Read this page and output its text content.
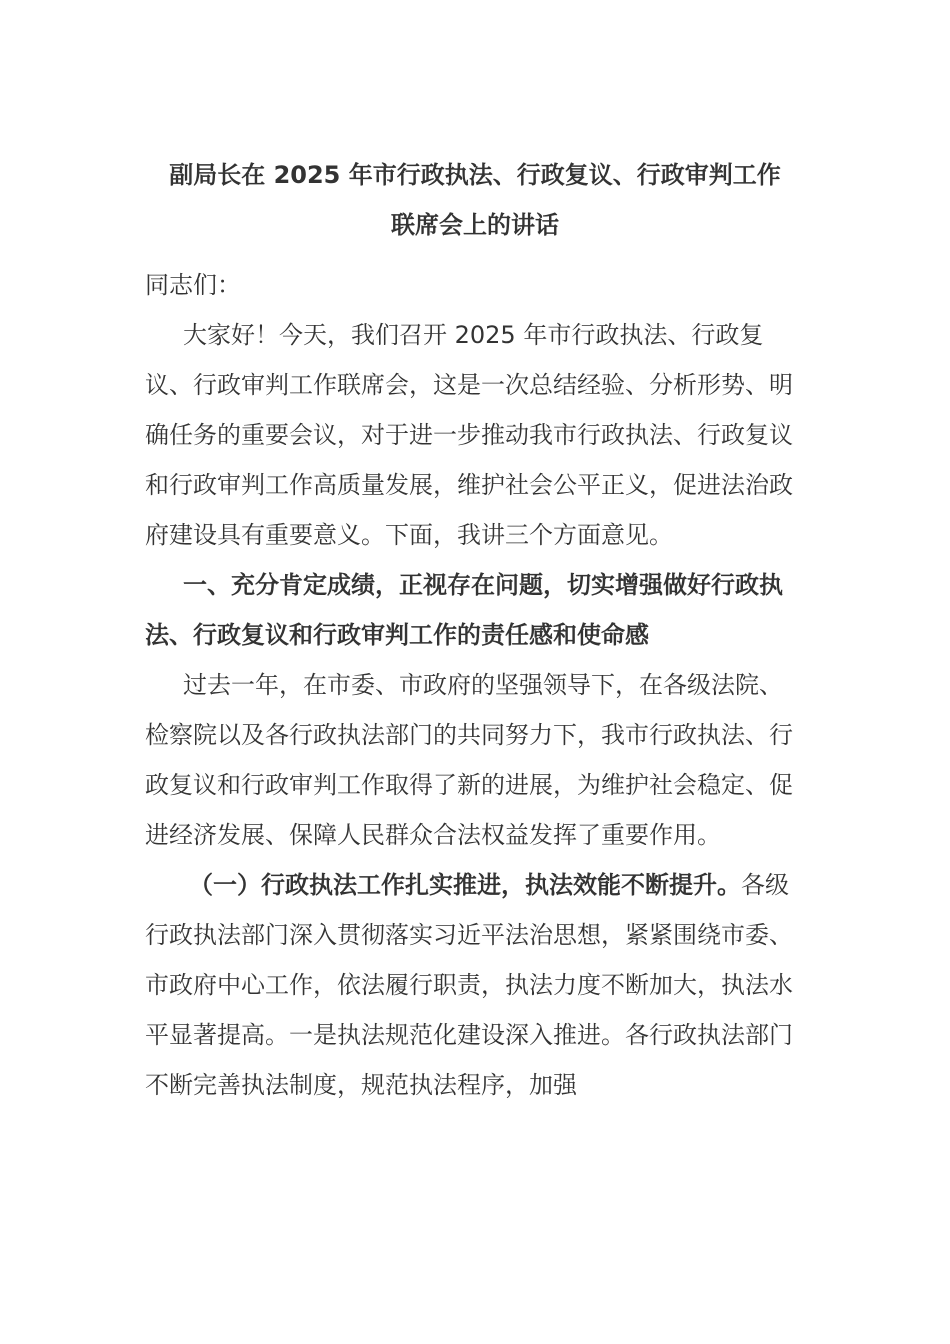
副局长在 2025 年市行政执法、行政复议、行政审判工作
联席会上的讲话

同志们：

大家好！今天，我们召开 2025 年市行政执法、行政复议、行政审判工作联席会，这是一次总结经验、分析形势、明确任务的重要会议，对于进一步推动我市行政执法、行政复议和行政审判工作高质量发展，维护社会公平正义，促进法治政府建设具有重要意义。下面，我讲三个方面意见。

一、充分肯定成绩，正视存在问题，切实增强做好行政执法、行政复议和行政审判工作的责任感和使命感

过去一年，在市委、市政府的坚强领导下，在各级法院、检察院以及各行政执法部门的共同努力下，我市行政执法、行政复议和行政审判工作取得了新的进展，为维护社会稳定、促进经济发展、保障人民群众合法权益发挥了重要作用。

（一）行政执法工作扎实推进，执法效能不断提升。各级行政执法部门深入贯彻落实习近平法治思想，紧紧围绕市委、市政府中心工作，依法履行职责，执法力度不断加大，执法水平显著提高。一是执法规范化建设深入推进。各行政执法部门不断完善执法制度，规范执法程序，加强
